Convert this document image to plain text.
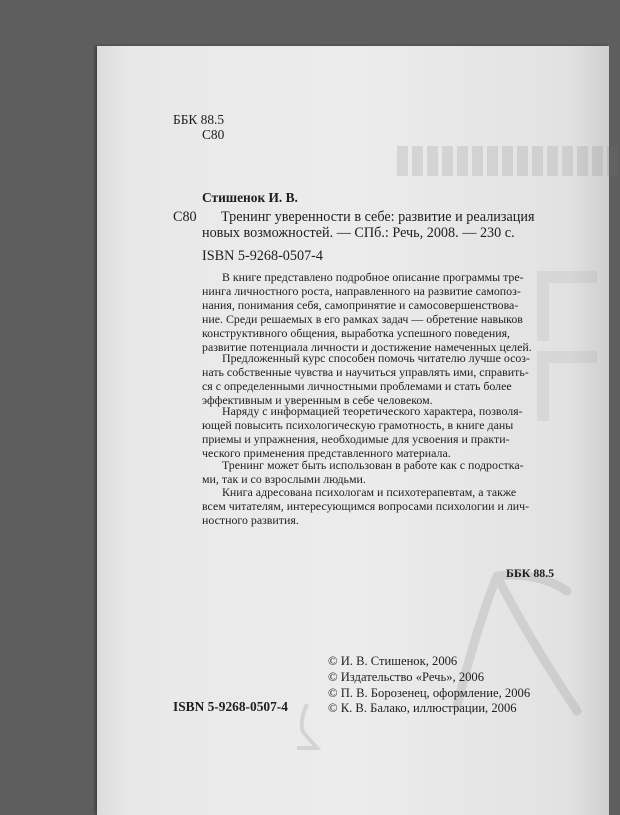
ББК 88.5
С80
Стишенок И. В.
С80 Тренинг уверенности в себе: развитие и реализация
новых возможностей. — СПб.: Речь, 2008. — 230 с.
ISBN 5-9268-0507-4
В книге представлено подробное описание программы тре-
нинга личностного роста, направленного на развитие самопоз-
нания, понимания себя, самопринятие и самосовершенствова-
ние. Среди решаемых в его рамках задач — обретение навыков
конструктивного общения, выработка успешного поведения,
развитие потенциала личности и достижение намеченных целей.
Предложенный курс способен помочь читателю лучше осоз-
нать собственные чувства и научиться управлять ими, справить-
ся с определенными личностными проблемами и стать более
эффективным и уверенным в себе человеком.
Наряду с информацией теоретического характера, позволя-
ющей повысить психологическую грамотность, в книге даны
приемы и упражнения, необходимые для усвоения и практи-
ческого применения представленного материала.
Тренинг может быть использован в работе как с подростка-
ми, так и со взрослыми людьми.
Книга адресована психологам и психотерапевтам, а также
всем читателям, интересующимся вопросами психологии и лич-
ностного развития.
ББК 88.5
© И. В. Стишенок, 2006
© Издательство «Речь», 2006
© П. В. Борозенец, оформление, 2006
© К. В. Балако, иллюстрации, 2006
ISBN 5-9268-0507-4
